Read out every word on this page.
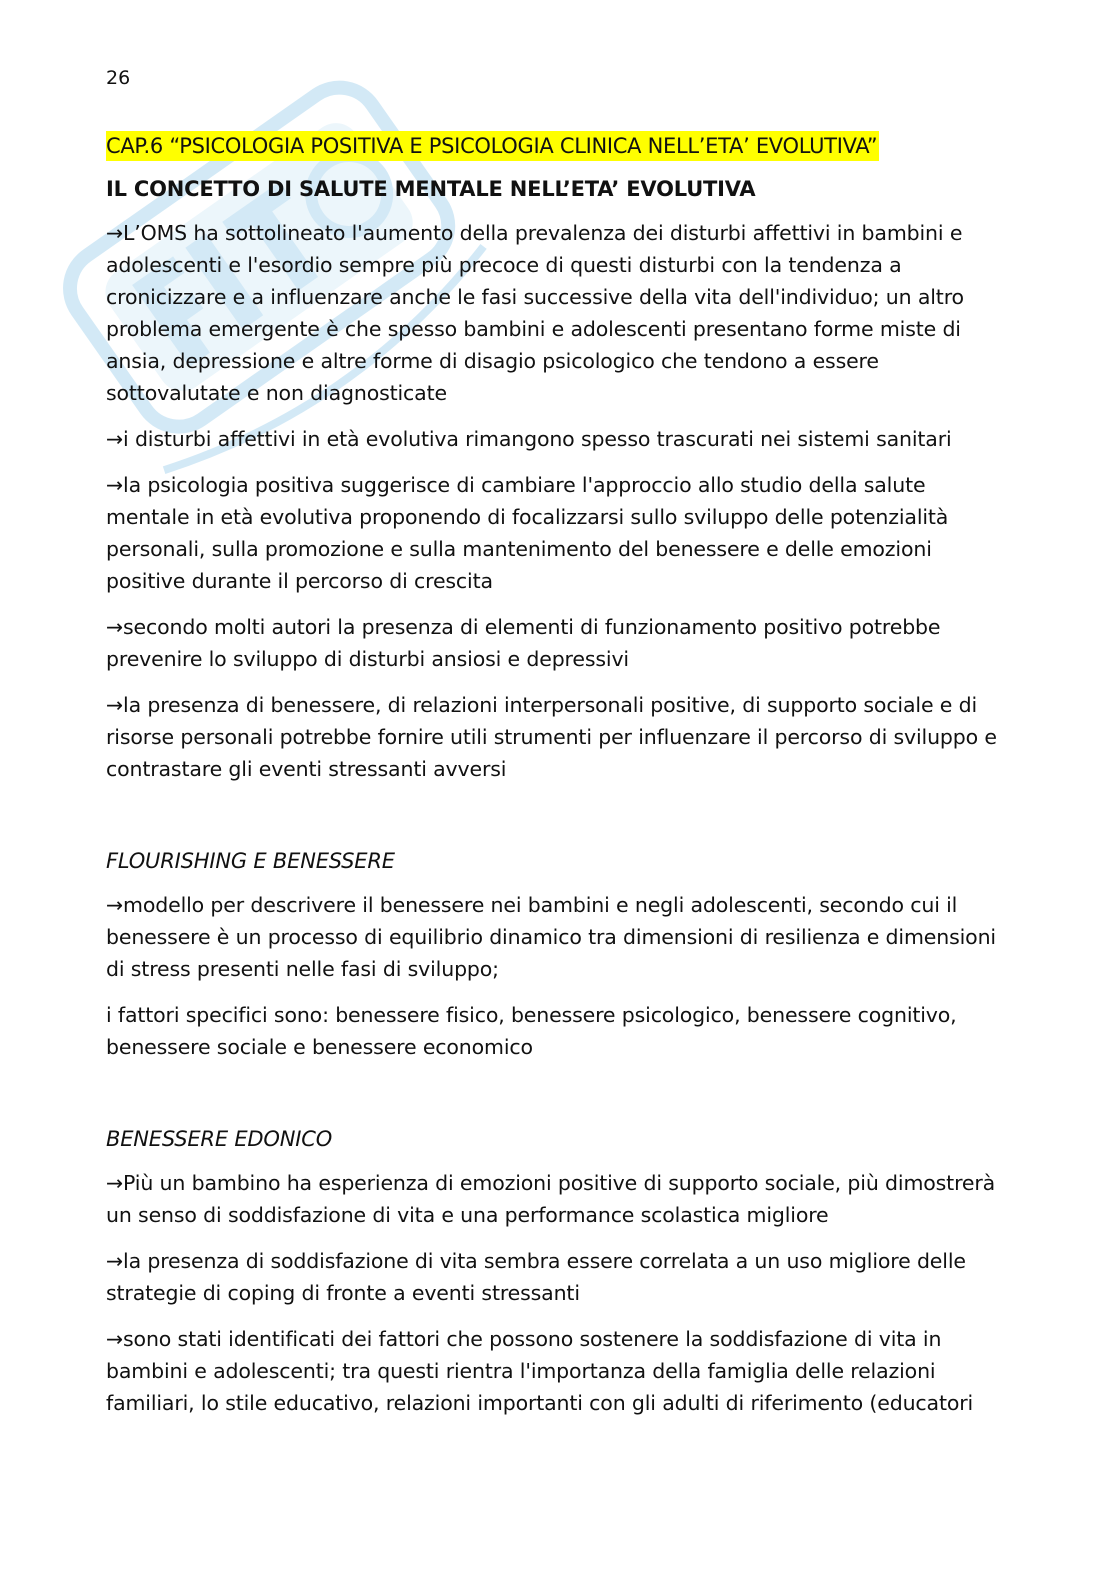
26
CAP.6 “PSICOLOGIA POSITIVA E PSICOLOGIA CLINICA NELL’ETA’ EVOLUTIVA”
IL CONCETTO DI SALUTE MENTALE NELL’ETA’ EVOLUTIVA

→L’OMS ha sottolineato l'aumento della prevalenza dei disturbi affettivi in bambini e adolescenti e l'esordio sempre più precoce di questi disturbi con la tendenza a cronicizzare e a influenzare anche le fasi successive della vita dell'individuo; un altro problema emergente è che spesso bambini e adolescenti presentano forme miste di ansia, depressione e altre forme di disagio psicologico che tendono a essere sottovalutate e non diagnosticate

→i disturbi affettivi in età evolutiva rimangono spesso trascurati nei sistemi sanitari

→la psicologia positiva suggerisce di cambiare l'approccio allo studio della salute mentale in età evolutiva proponendo di focalizzarsi sullo sviluppo delle potenzialità personali, sulla promozione e sulla mantenimento del benessere e delle emozioni positive durante il percorso di crescita

→secondo molti autori la presenza di elementi di funzionamento positivo potrebbe prevenire lo sviluppo di disturbi ansiosi e depressivi

→la presenza di benessere, di relazioni interpersonali positive, di supporto sociale e di risorse personali potrebbe fornire utili strumenti per influenzare il percorso di sviluppo e contrastare gli eventi stressanti avversi

FLOURISHING E BENESSERE

→modello per descrivere il benessere nei bambini e negli adolescenti, secondo cui il benessere è un processo di equilibrio dinamico tra dimensioni di resilienza e dimensioni di stress presenti nelle fasi di sviluppo;

i fattori specifici sono: benessere fisico, benessere psicologico, benessere cognitivo, benessere sociale e benessere economico

BENESSERE EDONICO

→Più un bambino ha esperienza di emozioni positive di supporto sociale, più dimostrerà un senso di soddisfazione di vita e una performance scolastica migliore

→la presenza di soddisfazione di vita sembra essere correlata a un uso migliore delle strategie di coping di fronte a eventi stressanti

→sono stati identificati dei fattori che possono sostenere la soddisfazione di vita in bambini e adolescenti; tra questi rientra l'importanza della famiglia delle relazioni familiari, lo stile educativo, relazioni importanti con gli adulti di riferimento (educatori
